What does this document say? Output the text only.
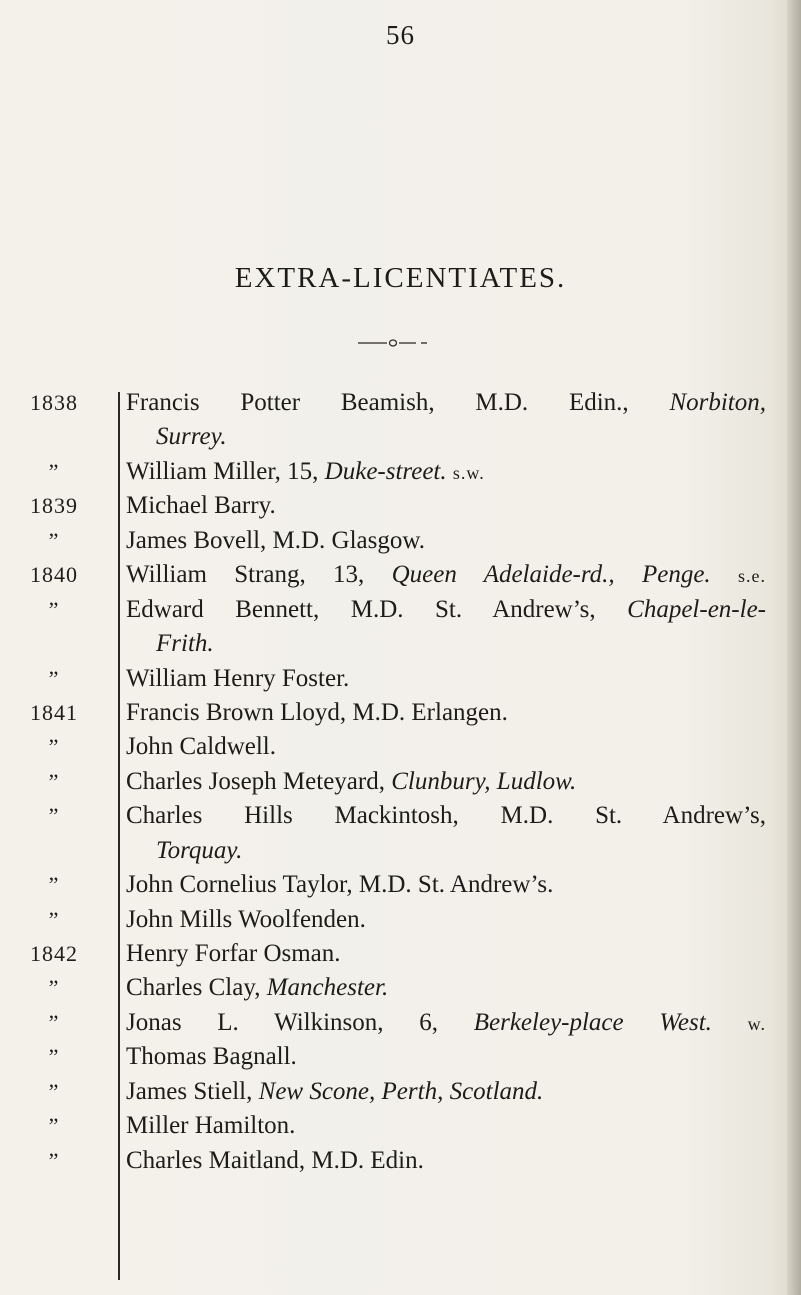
56
EXTRA-LICENTIATES.
1838	Francis Potter Beamish, M.D. Edin., Norbiton,
Surrey.
”	William Miller, 15, Duke-street. s.w.
1839	Michael Barry.
”	James Bovell, M.D. Glasgow.
1840	William Strang, 13, Queen Adelaide-rd., Penge. s.e.
”	Edward Bennett, M.D. St. Andrew’s, Chapel-en-le-
Frith.
”	William Henry Foster.
1841	Francis Brown Lloyd, M.D. Erlangen.
”	John Caldwell.
”	Charles Joseph Meteyard, Clunbury, Ludlow.
”	Charles Hills Mackintosh, M.D. St. Andrew’s,
Torquay.
”	John Cornelius Taylor, M.D. St. Andrew’s.
”	John Mills Woolfenden.
1842	Henry Forfar Osman.
”	Charles Clay, Manchester.
”	Jonas L. Wilkinson, 6, Berkeley-place West. w.
”	Thomas Bagnall.
”	James Stiell, New Scone, Perth, Scotland.
”	Miller Hamilton.
”	Charles Maitland, M.D. Edin.
